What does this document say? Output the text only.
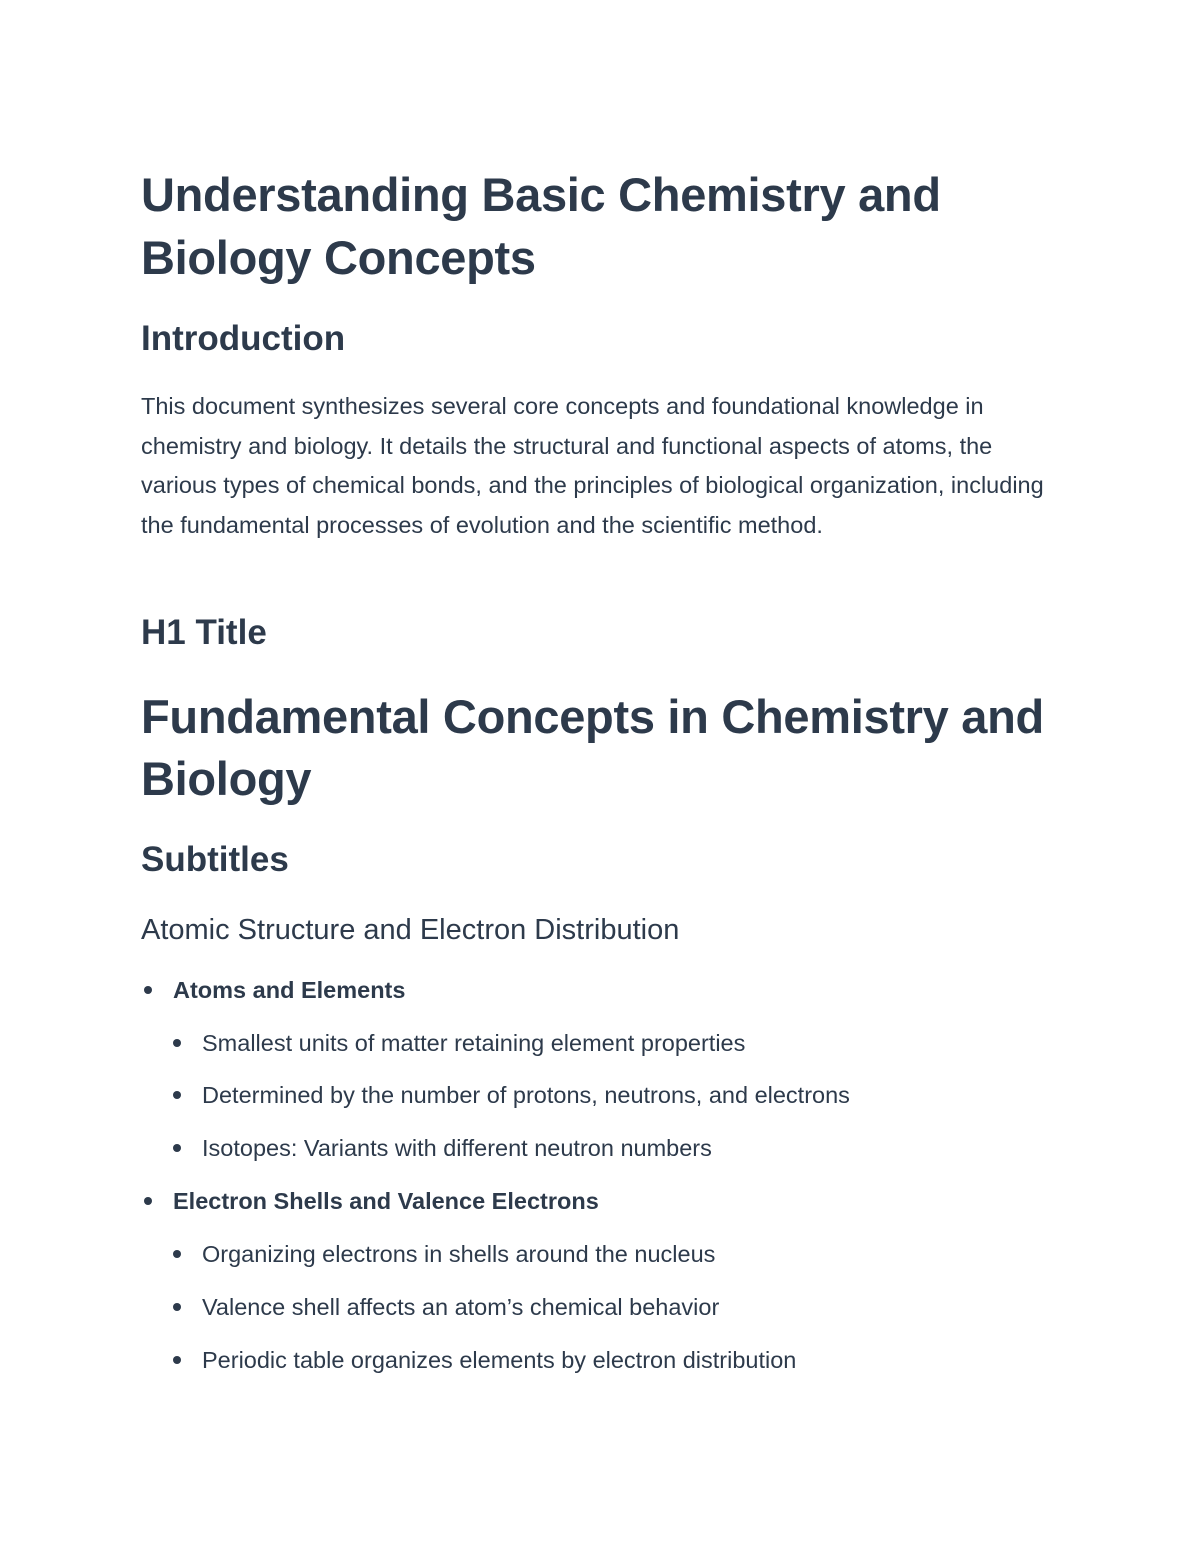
Understanding Basic Chemistry and Biology Concepts
Introduction

This document synthesizes several core concepts and foundational knowledge in chemistry and biology. It details the structural and functional aspects of atoms, the various types of chemical bonds, and the principles of biological organization, including the fundamental processes of evolution and the scientific method.

H1 Title
Fundamental Concepts in Chemistry and Biology
Subtitles
Atomic Structure and Electron Distribution
Atoms and Elements
Smallest units of matter retaining element properties
Determined by the number of protons, neutrons, and electrons
Isotopes: Variants with different neutron numbers
Electron Shells and Valence Electrons
Organizing electrons in shells around the nucleus
Valence shell affects an atom’s chemical behavior
Periodic table organizes elements by electron distribution
